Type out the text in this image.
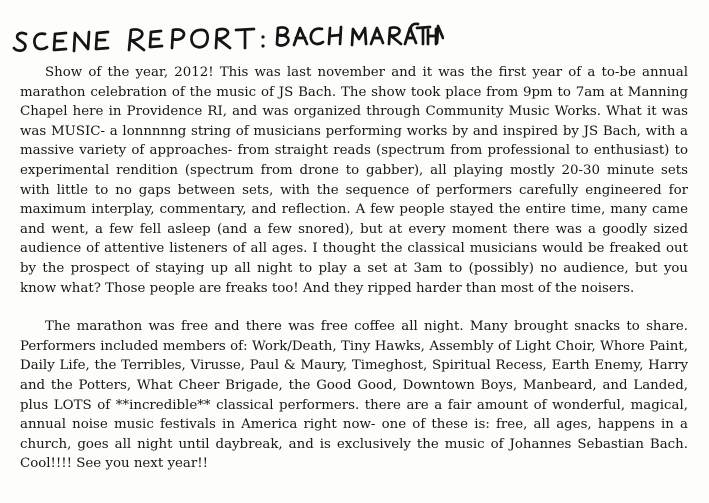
Show of the year, 2012! This was last november and it was the first year of a to-be annual marathon celebration of the music of JS Bach. The show took place from 9pm to 7am at Manning Chapel here in Providence RI, and was organized through Community Music Works. What it was was MUSIC- a lonnnnng string of musicians performing works by and inspired by JS Bach, with a massive variety of approaches- from straight reads (spectrum from professional to enthusiast) to experimental rendition (spectrum from drone to gabber), all playing mostly 20-30 minute sets with little to no gaps between sets, with the sequence of performers carefully engineered for maximum interplay, commentary, and reflection. A few people stayed the entire time, many came and went, a few fell asleep (and a few snored), but at every moment there was a goodly sized audience of attentive listeners of all ages. I thought the classical musicians would be freaked out by the prospect of staying up all night to play a set at 3am to (possibly) no audience, but you know what? Those people are freaks too! And they ripped harder than most of the noisers.

The marathon was free and there was free coffee all night. Many brought snacks to share. Performers included members of: Work/Death, Tiny Hawks, Assembly of Light Choir, Whore Paint, Daily Life, the Terribles, Virusse, Paul & Maury, Timeghost, Spiritual Recess, Earth Enemy, Harry and the Potters, What Cheer Brigade, the Good Good, Downtown Boys, Manbeard, and Landed, plus LOTS of **incredible** classical performers. there are a fair amount of wonderful, magical, annual noise music festivals in America right now- one of these is: free, all ages, happens in a church, goes all night until daybreak, and is exclusively the music of Johannes Sebastian Bach. Cool!!!! See you next year!!
